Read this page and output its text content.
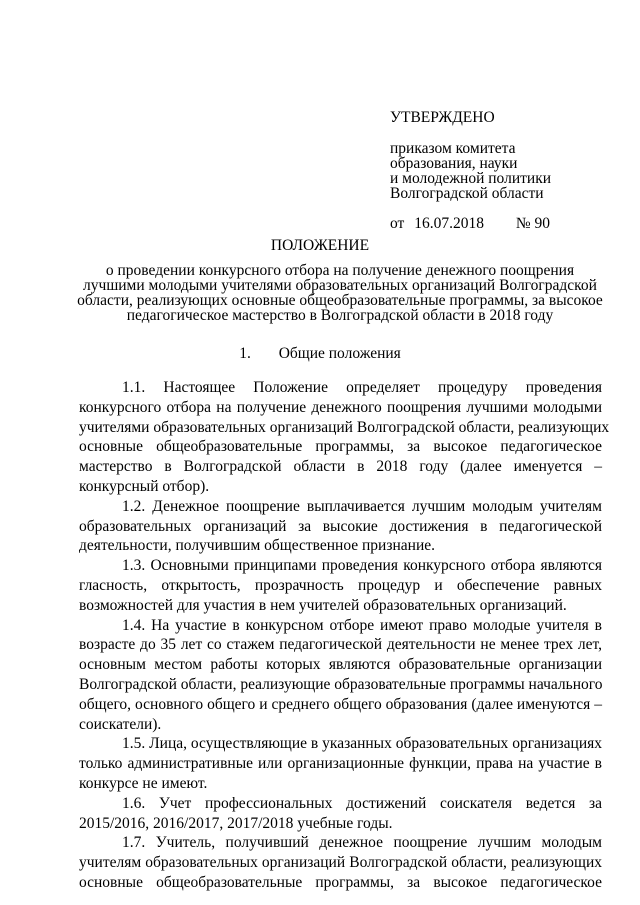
УТВЕРЖДЕНО
приказом комитета
образования, науки
и молодежной политики
Волгоградской области
от 16.07.2018 № 90
ПОЛОЖЕНИЕ
о проведении конкурсного отбора на получение денежного поощрения
лучшими молодыми учителями образовательных организаций Волгоградской
области, реализующих основные общеобразовательные программы, за высокое
педагогическое мастерство в Волгоградской области в 2018 году
1. Общие положения
1.1. Настоящее Положение определяет процедуру проведения
конкурсного отбора на получение денежного поощрения лучшими молодыми
учителями образовательных организаций Волгоградской области, реализующих
основные общеобразовательные программы, за высокое педагогическое
мастерство в Волгоградской области в 2018 году (далее именуется –
конкурсный отбор).
1.2. Денежное поощрение выплачивается лучшим молодым учителям
образовательных организаций за высокие достижения в педагогической
деятельности, получившим общественное признание.
1.3. Основными принципами проведения конкурсного отбора являются
гласность, открытость, прозрачность процедур и обеспечение равных
возможностей для участия в нем учителей образовательных организаций.
1.4. На участие в конкурсном отборе имеют право молодые учителя в
возрасте до 35 лет со стажем педагогической деятельности не менее трех лет,
основным местом работы которых являются образовательные организации
Волгоградской области, реализующие образовательные программы начального
общего, основного общего и среднего общего образования (далее именуются –
соискатели).
1.5. Лица, осуществляющие в указанных образовательных организациях
только административные или организационные функции, права на участие в
конкурсе не имеют.
1.6. Учет профессиональных достижений соискателя ведется за
2015/2016, 2016/2017, 2017/2018 учебные годы.
1.7. Учитель, получивший денежное поощрение лучшим молодым
учителям образовательных организаций Волгоградской области, реализующих
основные общеобразовательные программы, за высокое педагогическое
